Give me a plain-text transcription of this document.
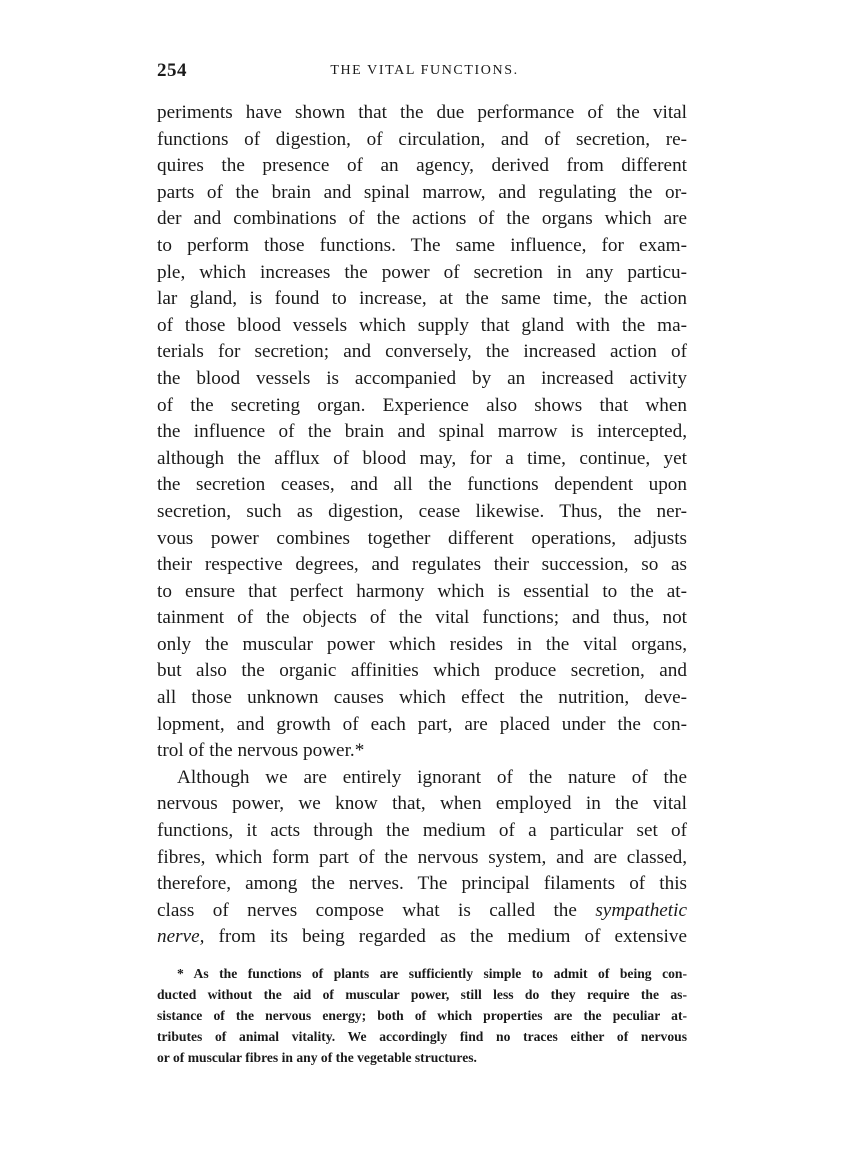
254	THE VITAL FUNCTIONS.

periments have shown that the due performance of the vital
functions of digestion, of circulation, and of secretion, re-
quires the presence of an agency, derived from different
parts of the brain and spinal marrow, and regulating the or-
der and combinations of the actions of the organs which are
to perform those functions. The same influence, for exam-
ple, which increases the power of secretion in any particu-
lar gland, is found to increase, at the same time, the action
of those blood vessels which supply that gland with the ma-
terials for secretion; and conversely, the increased action of
the blood vessels is accompanied by an increased activity
of the secreting organ. Experience also shows that when
the influence of the brain and spinal marrow is intercepted,
although the afflux of blood may, for a time, continue, yet
the secretion ceases, and all the functions dependent upon
secretion, such as digestion, cease likewise. Thus, the ner-
vous power combines together different operations, adjusts
their respective degrees, and regulates their succession, so as
to ensure that perfect harmony which is essential to the at-
tainment of the objects of the vital functions; and thus, not
only the muscular power which resides in the vital organs,
but also the organic affinities which produce secretion, and
all those unknown causes which effect the nutrition, deve-
lopment, and growth of each part, are placed under the con-
trol of the nervous power.*

Although we are entirely ignorant of the nature of the
nervous power, we know that, when employed in the vital
functions, it acts through the medium of a particular set of
fibres, which form part of the nervous system, and are classed,
therefore, among the nerves. The principal filaments of this
class of nerves compose what is called the sympathetic
nerve, from its being regarded as the medium of extensive

* As the functions of plants are sufficiently simple to admit of being con-
ducted without the aid of muscular power, still less do they require the as-
sistance of the nervous energy; both of which properties are the peculiar at-
tributes of animal vitality. We accordingly find no traces either of nervous
or of muscular fibres in any of the vegetable structures.
